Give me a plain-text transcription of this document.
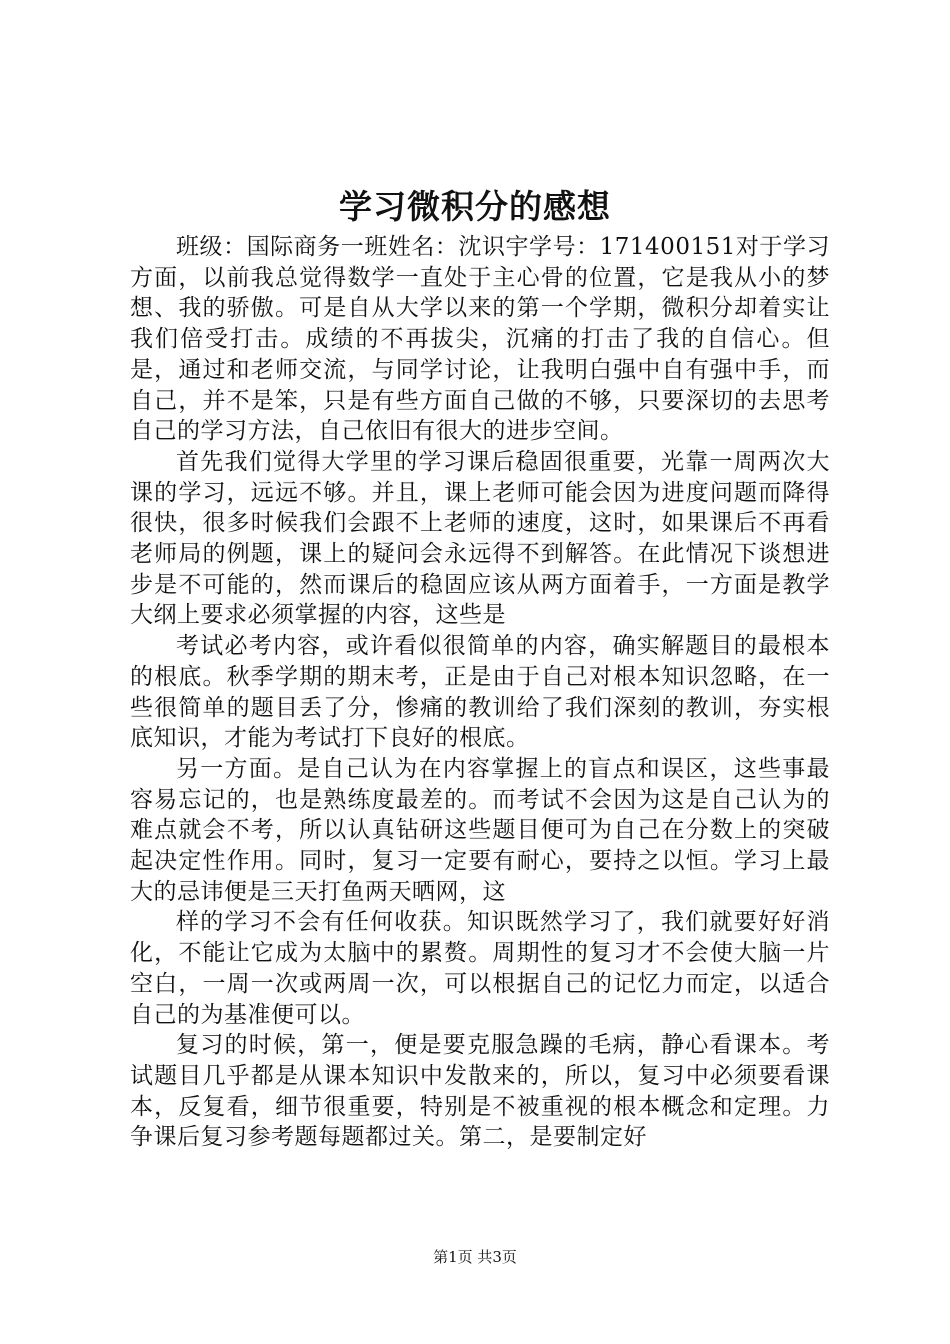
学习微积分的感想

班级：国际商务一班姓名：沈识宇学号：171400151对于学习方面，以前我总觉得数学一直处于主心骨的位置，它是我从小的梦想、我的骄傲。可是自从大学以来的第一个学期，微积分却着实让我们倍受打击。成绩的不再拔尖，沉痛的打击了我的自信心。但是，通过和老师交流，与同学讨论，让我明白强中自有强中手，而自己，并不是笨，只是有些方面自己做的不够，只要深切的去思考自己的学习方法，自己依旧有很大的进步空间。

首先我们觉得大学里的学习课后稳固很重要，光靠一周两次大课的学习，远远不够。并且，课上老师可能会因为进度问题而降得很快，很多时候我们会跟不上老师的速度，这时，如果课后不再看老师局的例题，课上的疑问会永远得不到解答。在此情况下谈想进步是不可能的，然而课后的稳固应该从两方面着手，一方面是教学大纲上要求必须掌握的内容，这些是

考试必考内容，或许看似很简单的内容，确实解题目的最根本的根底。秋季学期的期末考，正是由于自己对根本知识忽略，在一些很简单的题目丢了分，惨痛的教训给了我们深刻的教训，夯实根底知识，才能为考试打下良好的根底。

另一方面。是自己认为在内容掌握上的盲点和误区，这些事最容易忘记的，也是熟练度最差的。而考试不会因为这是自己认为的难点就会不考，所以认真钻研这些题目便可为自己在分数上的突破起决定性作用。同时，复习一定要有耐心，要持之以恒。学习上最大的忌讳便是三天打鱼两天晒网，这

样的学习不会有任何收获。知识既然学习了，我们就要好好消化，不能让它成为太脑中的累赘。周期性的复习才不会使大脑一片空白，一周一次或两周一次，可以根据自己的记忆力而定，以适合自己的为基准便可以。

复习的时候，第一，便是要克服急躁的毛病，静心看课本。考试题目几乎都是从课本知识中发散来的，所以，复习中必须要看课本，反复看，细节很重要，特别是不被重视的根本概念和定理。力争课后复习参考题每题都过关。第二，是要制定好

第1页 共3页
